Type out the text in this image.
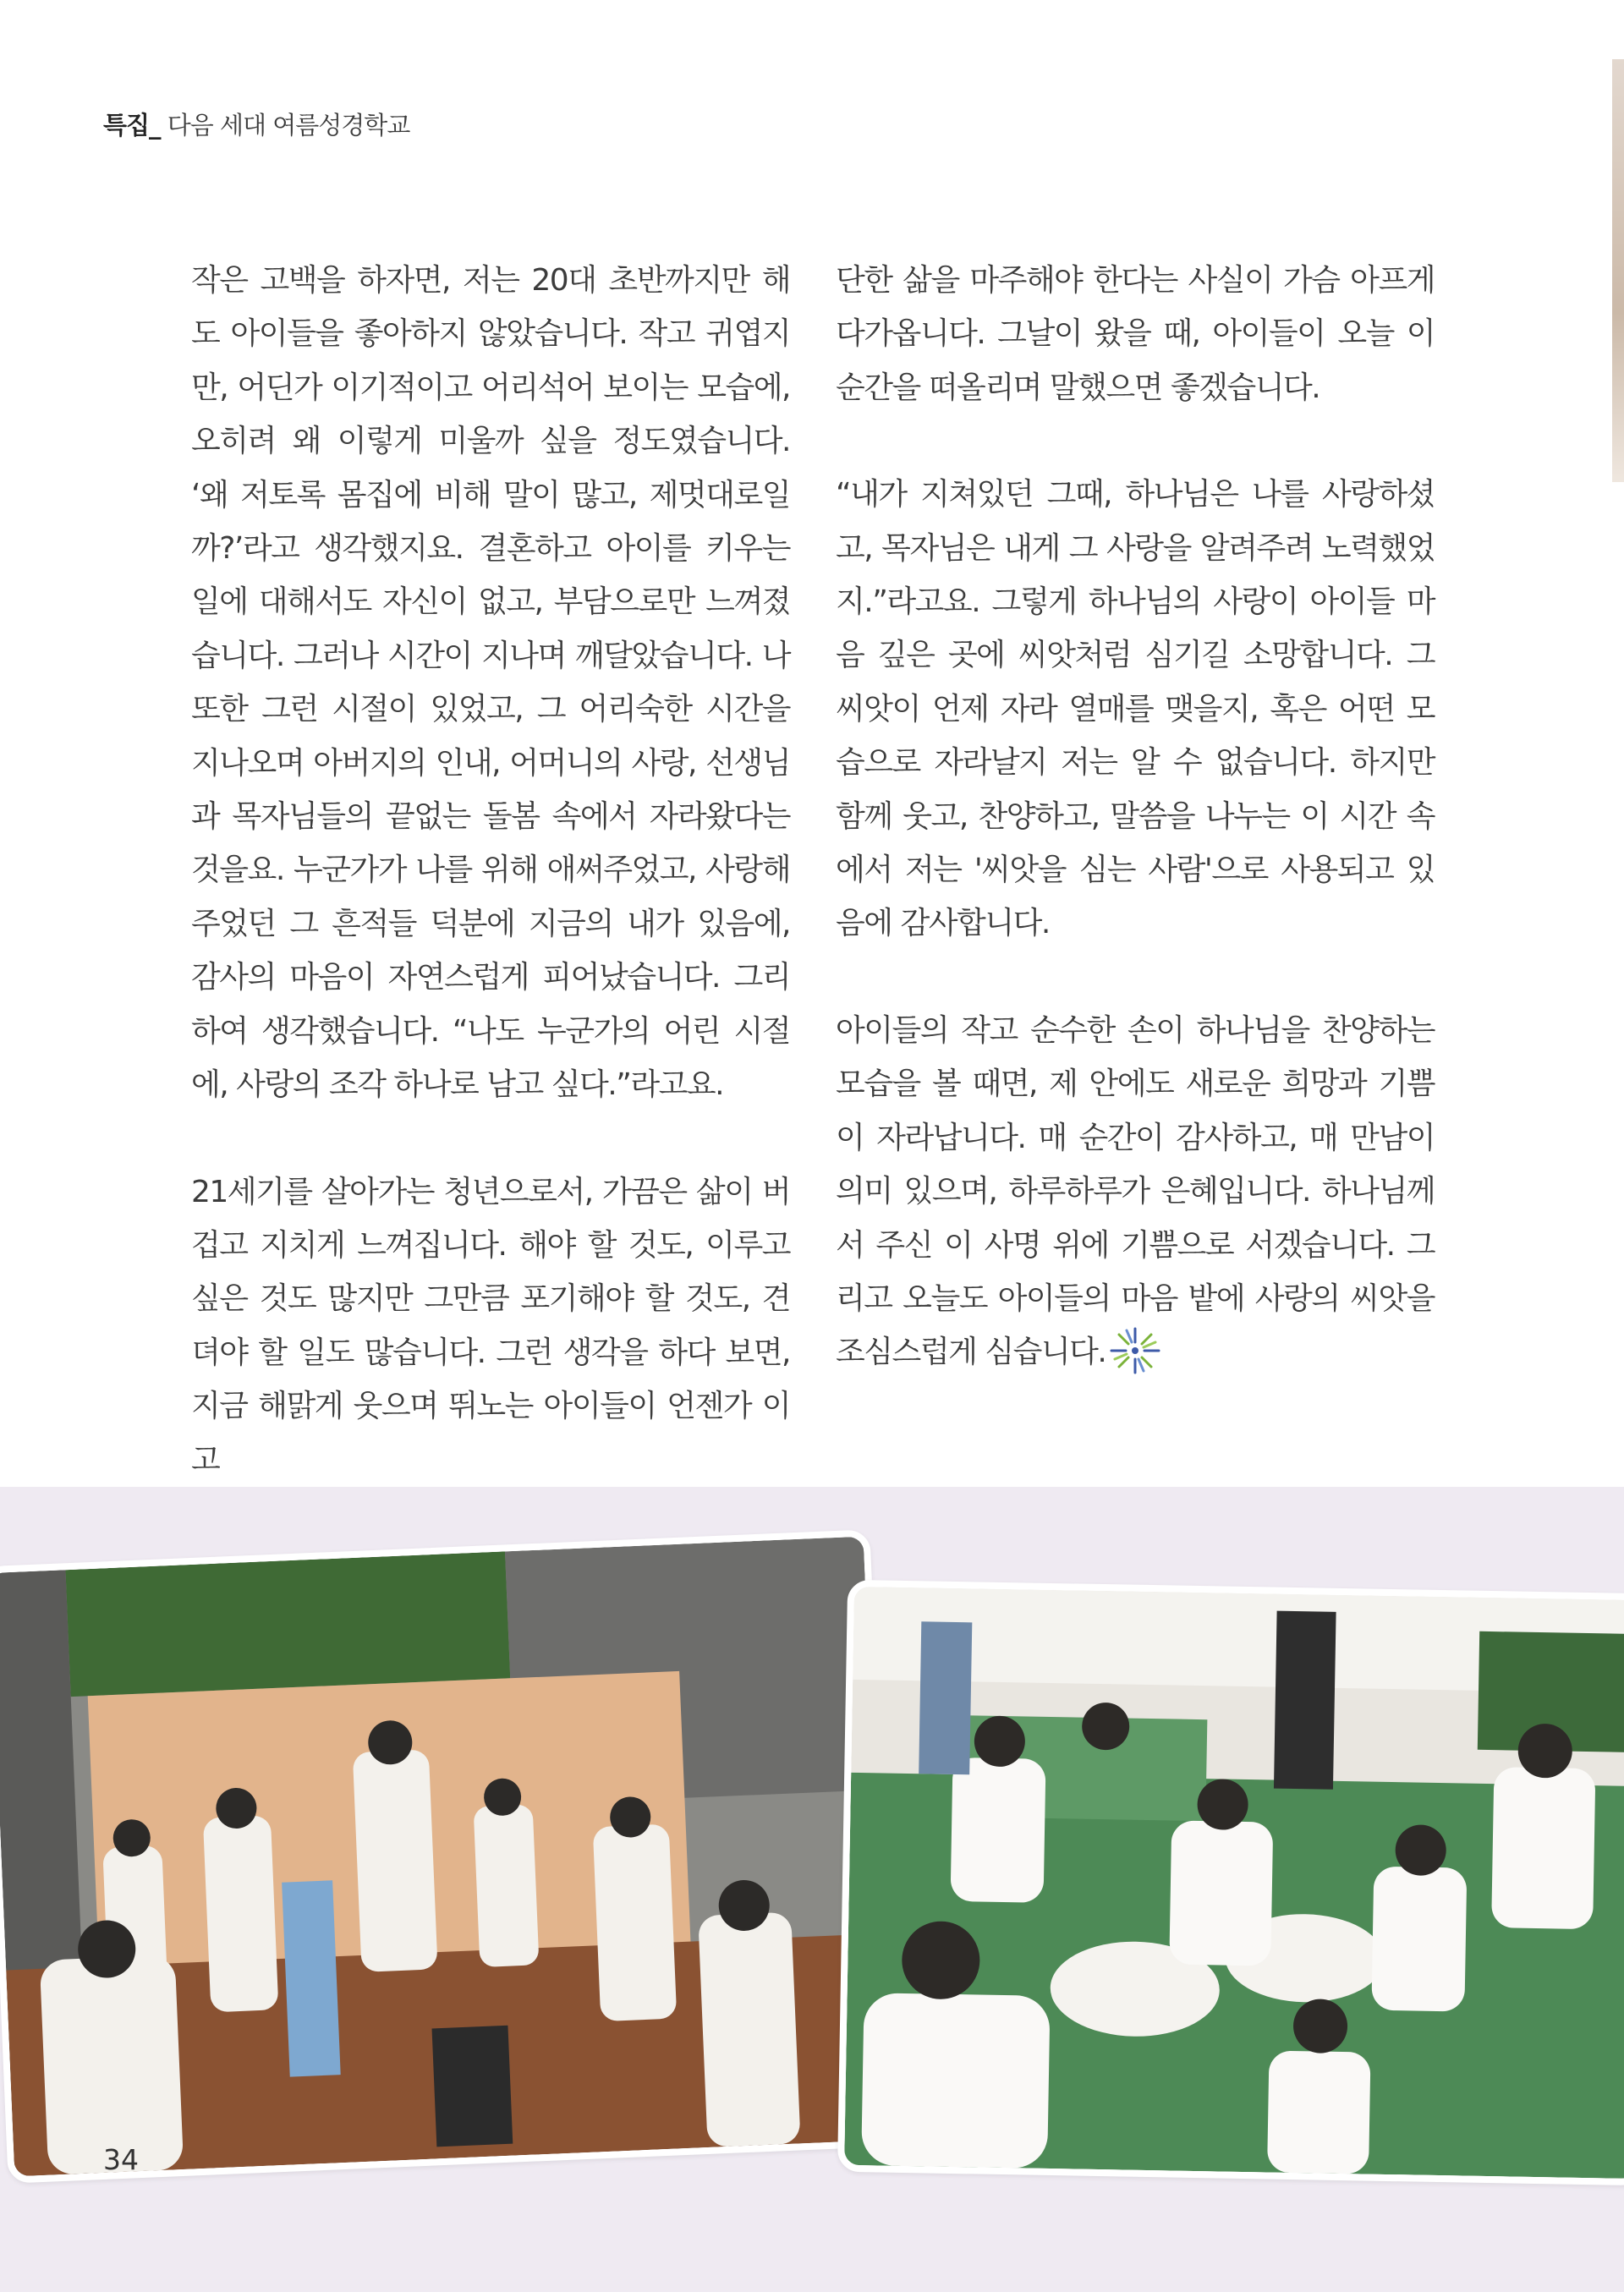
특집_ 다음 세대 여름성경학교

작은 고백을 하자면, 저는 20대 초반까지만 해도 아이들을 좋아하지 않았습니다. 작고 귀엽지만, 어딘가 이기적이고 어리석어 보이는 모습에, 오히려 왜 이렇게 미울까 싶을 정도였습니다. ‘왜 저토록 몸집에 비해 말이 많고, 제멋대로일까?’라고 생각했지요. 결혼하고 아이를 키우는 일에 대해서도 자신이 없고, 부담으로만 느껴졌습니다. 그러나 시간이 지나며 깨달았습니다. 나 또한 그런 시절이 있었고, 그 어리숙한 시간을 지나오며 아버지의 인내, 어머니의 사랑, 선생님과 목자님들의 끝없는 돌봄 속에서 자라왔다는 것을요. 누군가가 나를 위해 애써주었고, 사랑해 주었던 그 흔적들 덕분에 지금의 내가 있음에, 감사의 마음이 자연스럽게 피어났습니다. 그리하여 생각했습니다. “나도 누군가의 어린 시절에, 사랑의 조각 하나로 남고 싶다.”라고요.

21세기를 살아가는 청년으로서, 가끔은 삶이 버겁고 지치게 느껴집니다. 해야 할 것도, 이루고 싶은 것도 많지만 그만큼 포기해야 할 것도, 견뎌야 할 일도 많습니다. 그런 생각을 하다 보면, 지금 해맑게 웃으며 뛰노는 아이들이 언젠가 이 고

단한 삶을 마주해야 한다는 사실이 가슴 아프게 다가옵니다. 그날이 왔을 때, 아이들이 오늘 이 순간을 떠올리며 말했으면 좋겠습니다.

“내가 지쳐있던 그때, 하나님은 나를 사랑하셨고, 목자님은 내게 그 사랑을 알려주려 노력했었지.”라고요. 그렇게 하나님의 사랑이 아이들 마음 깊은 곳에 씨앗처럼 심기길 소망합니다. 그 씨앗이 언제 자라 열매를 맺을지, 혹은 어떤 모습으로 자라날지 저는 알 수 없습니다. 하지만 함께 웃고, 찬양하고, 말씀을 나누는 이 시간 속에서 저는 '씨앗을 심는 사람'으로 사용되고 있음에 감사합니다.

아이들의 작고 순수한 손이 하나님을 찬양하는 모습을 볼 때면, 제 안에도 새로운 희망과 기쁨이 자라납니다. 매 순간이 감사하고, 매 만남이 의미 있으며, 하루하루가 은혜입니다. 하나님께서 주신 이 사명 위에 기쁨으로 서겠습니다. 그리고 오늘도 아이들의 마음 밭에 사랑의 씨앗을 조심스럽게 심습니다.

34
